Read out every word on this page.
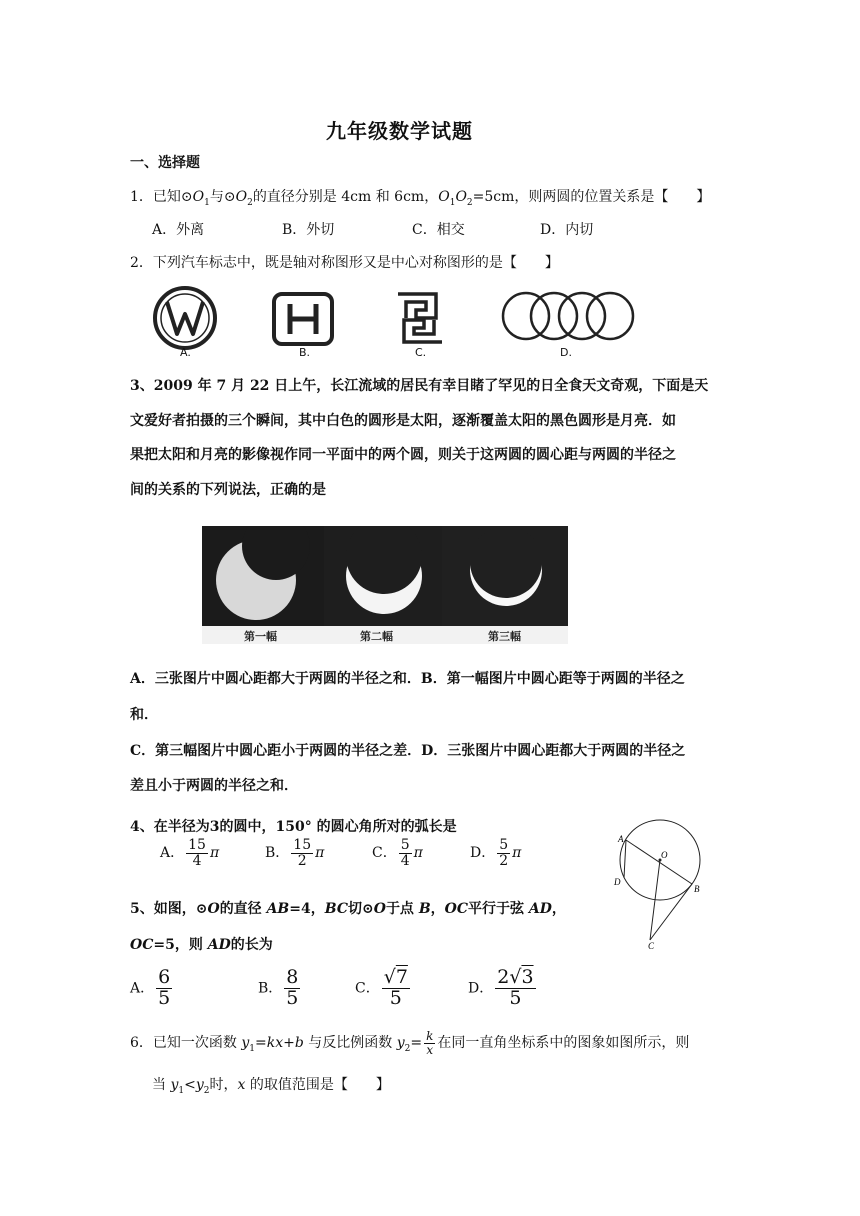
九年级数学试题
一、选择题
1．已知$⊙O_1$与$⊙O_2$的直径分别是 4cm 和 6cm，$O_1O_2=5cm$，则两圆的位置关系是【　　】
A．外离	B．外切	C．相交	D．内切
2．下列汽车标志中，既是轴对称图形又是中心对称图形的是【　　】
A.	B.	C.	D.
3、2009 年 7 月 22 日上午，长江流域的居民有幸目睹了罕见的日全食天文奇观，下面是天
文爱好者拍摄的三个瞬间，其中白色的圆形是太阳，逐渐覆盖太阳的黑色圆形是月亮．如
果把太阳和月亮的影像视作同一平面中的两个圆，则关于这两圆的圆心距与两圆的半径之
间的关系的下列说法，正确的是
第一幅	第二幅	第三幅
A．三张图片中圆心距都大于两圆的半径之和．B．第一幅图片中圆心距等于两圆的半径之
和．
C．第三幅图片中圆心距小于两圆的半径之差．D．三张图片中圆心距都大于两圆的半径之
差且小于两圆的半径之和．
4、在半径为3的圆中，150° 的圆心角所对的弧长是
A． $\frac{15}{4}$ π	B． $\frac{15}{2}$ π	C． $\frac{5}{4}$ π	D． $\frac{5}{2}$ π
A
O
D
B
C
5、如图，⊙O的直径 AB=4，BC切⊙O于点 B，OC平行于弦 AD，
OC=5，则 AD的长为
A． $\frac{6}{5}$	B． $\frac{8}{5}$	C． $\frac{√7}{5}$	D． $\frac{2√3}{5}$
6．已知一次函数 $y_1=kx+b$ 与反比例函数 $y_2= \frac{k}{x}$ 在同一直角坐标系中的图象如图所示，则
当 $y_1<y_2$时，x 的取值范围是【　　】
